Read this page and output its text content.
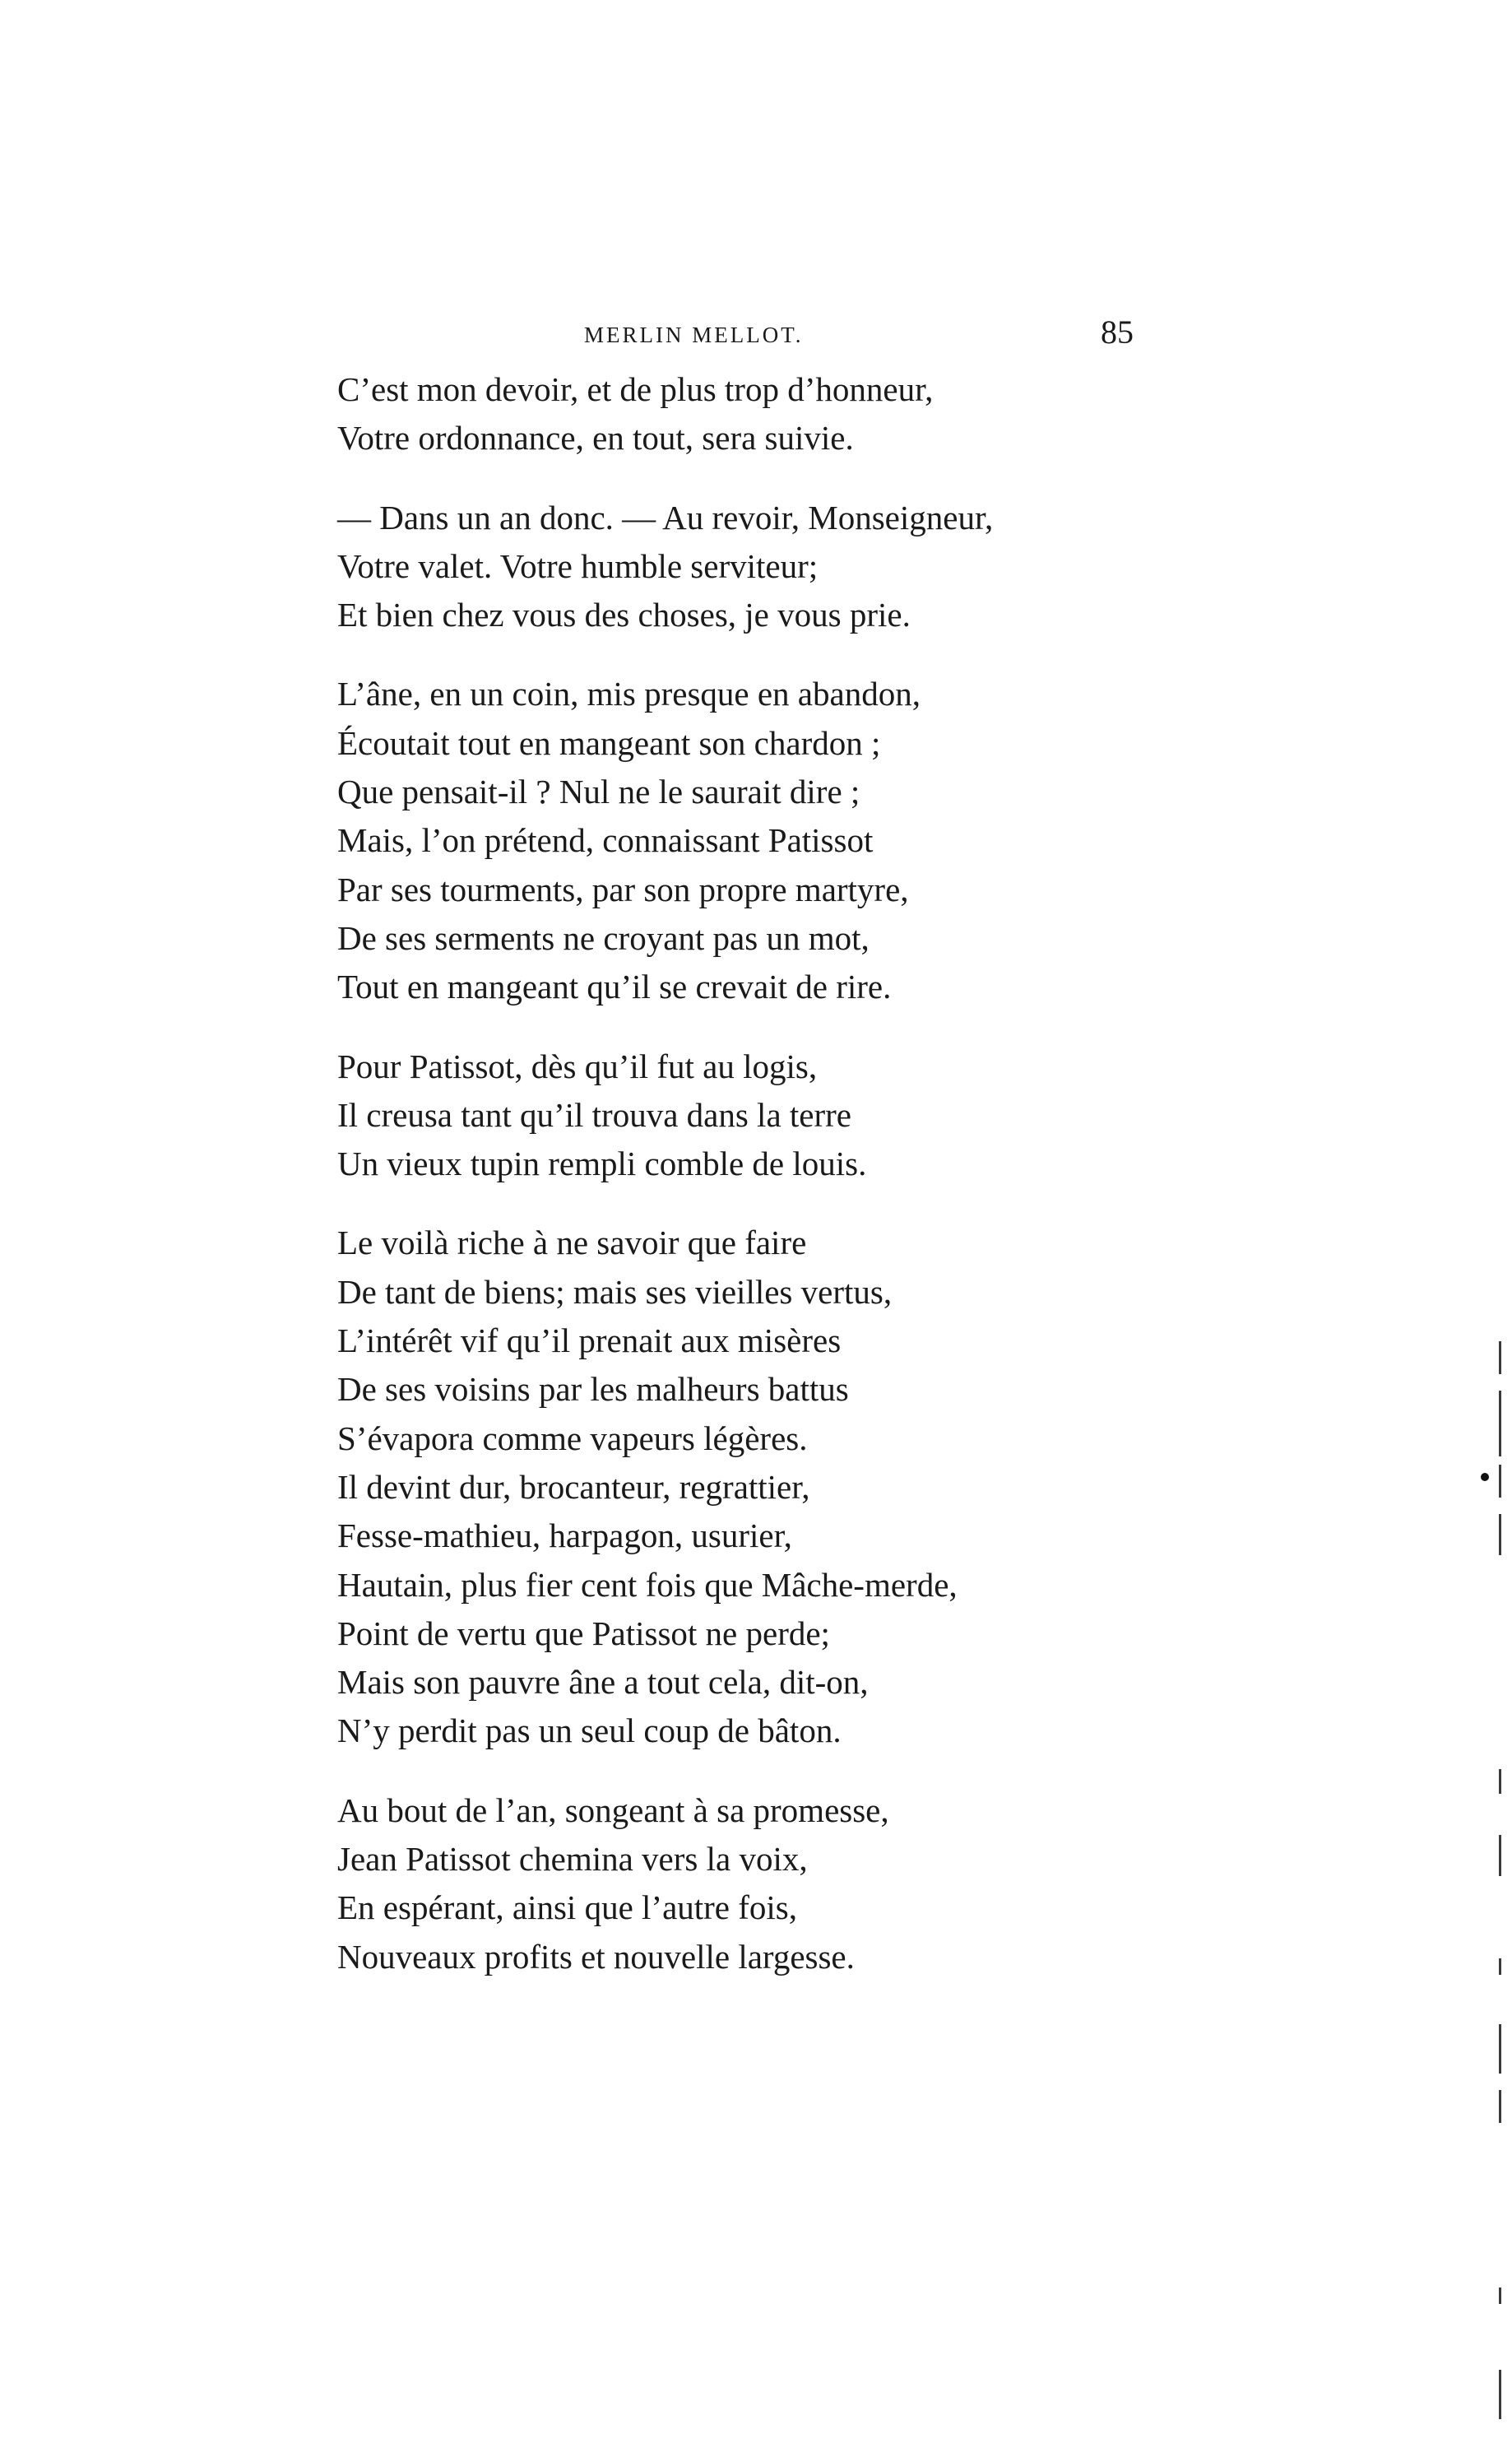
MERLIN MELLOT.	85
C’est mon devoir, et de plus trop d’honneur,
Votre ordonnance, en tout, sera suivie.
— Dans un an donc. — Au revoir, Monseigneur,
Votre valet. Votre humble serviteur;
Et bien chez vous des choses, je vous prie.
L’âne, en un coin, mis presque en abandon,
Écoutait tout en mangeant son chardon ;
Que pensait-il ? Nul ne le saurait dire ;
Mais, l’on prétend, connaissant Patissot
Par ses tourments, par son propre martyre,
De ses serments ne croyant pas un mot,
Tout en mangeant qu’il se crevait de rire.
Pour Patissot, dès qu’il fut au logis,
Il creusa tant qu’il trouva dans la terre
Un vieux tupin rempli comble de louis.
Le voilà riche à ne savoir que faire
De tant de biens; mais ses vieilles vertus,
L’intérêt vif qu’il prenait aux misères
De ses voisins par les malheurs battus
S’évapora comme vapeurs légères.
Il devint dur, brocanteur, regrattier,
Fesse-mathieu, harpagon, usurier,
Hautain, plus fier cent fois que Mâche-merde,
Point de vertu que Patissot ne perde;
Mais son pauvre âne a tout cela, dit-on,
N’y perdit pas un seul coup de bâton.
Au bout de l’an, songeant à sa promesse,
Jean Patissot chemina vers la voix,
En espérant, ainsi que l’autre fois,
Nouveaux profits et nouvelle largesse.
